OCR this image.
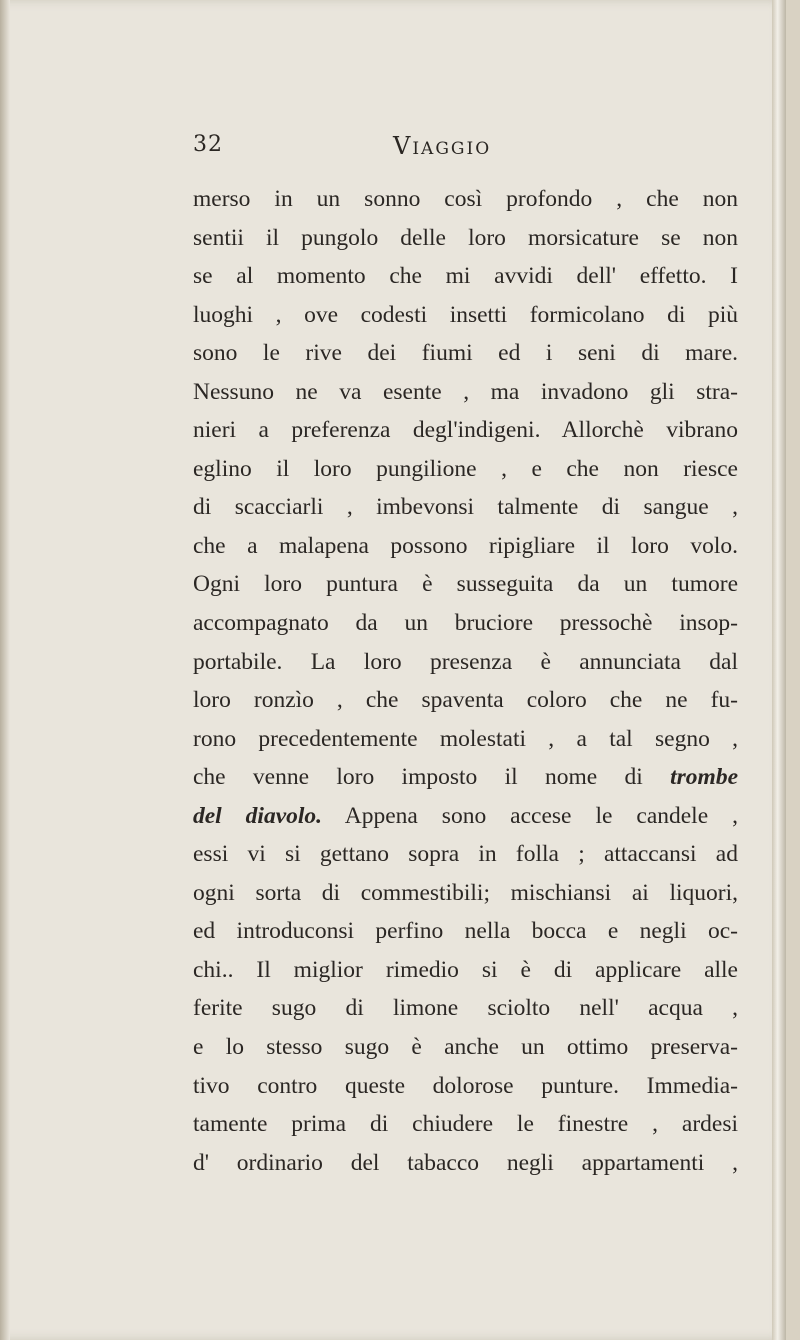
32	Viaggio
merso in un sonno così profondo , che non
sentii il pungolo delle loro morsicature se non
se al momento che mi avvidi dell' effetto. I
luoghi , ove codesti insetti formicolano di più
sono le rive dei fiumi ed i seni di mare.
Nessuno ne va esente , ma invadono gli stra-
nieri a preferenza degl'indigeni. Allorchè vibrano
eglino il loro pungilione , e che non riesce
di scacciarli , imbevonsi talmente di sangue ,
che a malapena possono ripigliare il loro volo.
Ogni loro puntura è susseguita da un tumore
accompagnato da un bruciore pressochè insop-
portabile. La loro presenza è annunciata dal
loro ronzìo , che spaventa coloro che ne fu-
rono precedentemente molestati , a tal segno ,
che venne loro imposto il nome di trombe
del diavolo. Appena sono accese le candele ,
essi vi si gettano sopra in folla ; attaccansi ad
ogni sorta di commestibili; mischiansi ai liquori,
ed introduconsi perfino nella bocca e negli oc-
chi.. Il miglior rimedio si è di applicare alle
ferite sugo di limone sciolto nell' acqua ,
e lo stesso sugo è anche un ottimo preserva-
tivo contro queste dolorose punture. Immedia-
tamente prima di chiudere le finestre , ardesi
d' ordinario del tabacco negli appartamenti ,
